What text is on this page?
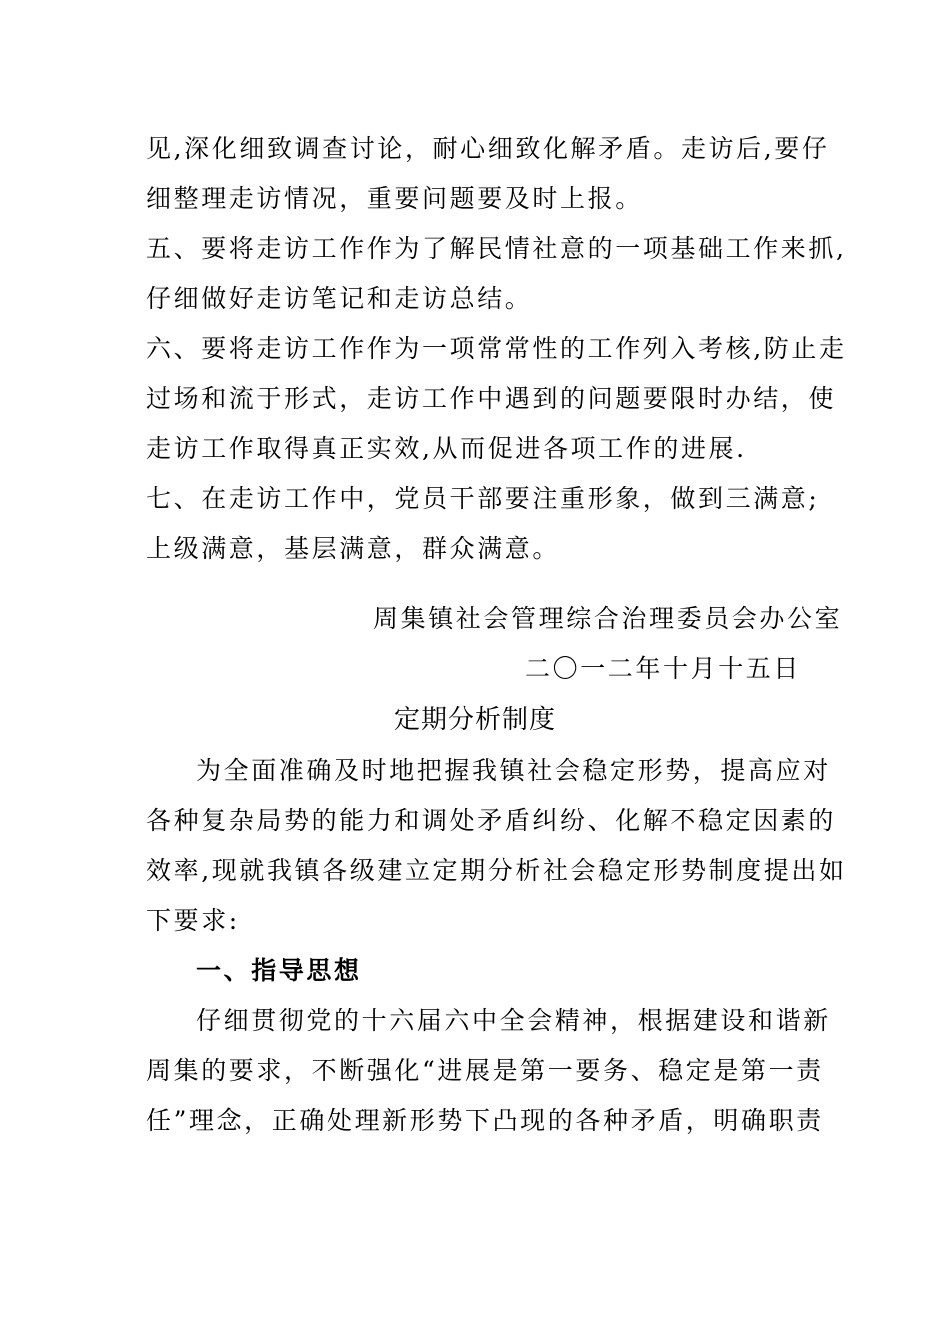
见,深化细致调查讨论，耐心细致化解矛盾。走访后,要仔
细整理走访情况，重要问题要及时上报。
五、要将走访工作作为了解民情社意的一项基础工作来抓,
仔细做好走访笔记和走访总结。
六、要将走访工作作为一项常常性的工作列入考核,防止走
过场和流于形式，走访工作中遇到的问题要限时办结，使
走访工作取得真正实效,从而促进各项工作的进展.
七、在走访工作中，党员干部要注重形象，做到三满意;
上级满意，基层满意，群众满意。
周集镇社会管理综合治理委员会办公室
二〇一二年十月十五日
定期分析制度
为全面准确及时地把握我镇社会稳定形势，提高应对
各种复杂局势的能力和调处矛盾纠纷、化解不稳定因素的
效率,现就我镇各级建立定期分析社会稳定形势制度提出如
下要求:
一、指导思想
仔细贯彻党的十六届六中全会精神，根据建设和谐新
周集的要求，不断强化“进展是第一要务、稳定是第一责
任”理念，正确处理新形势下凸现的各种矛盾，明确职责
